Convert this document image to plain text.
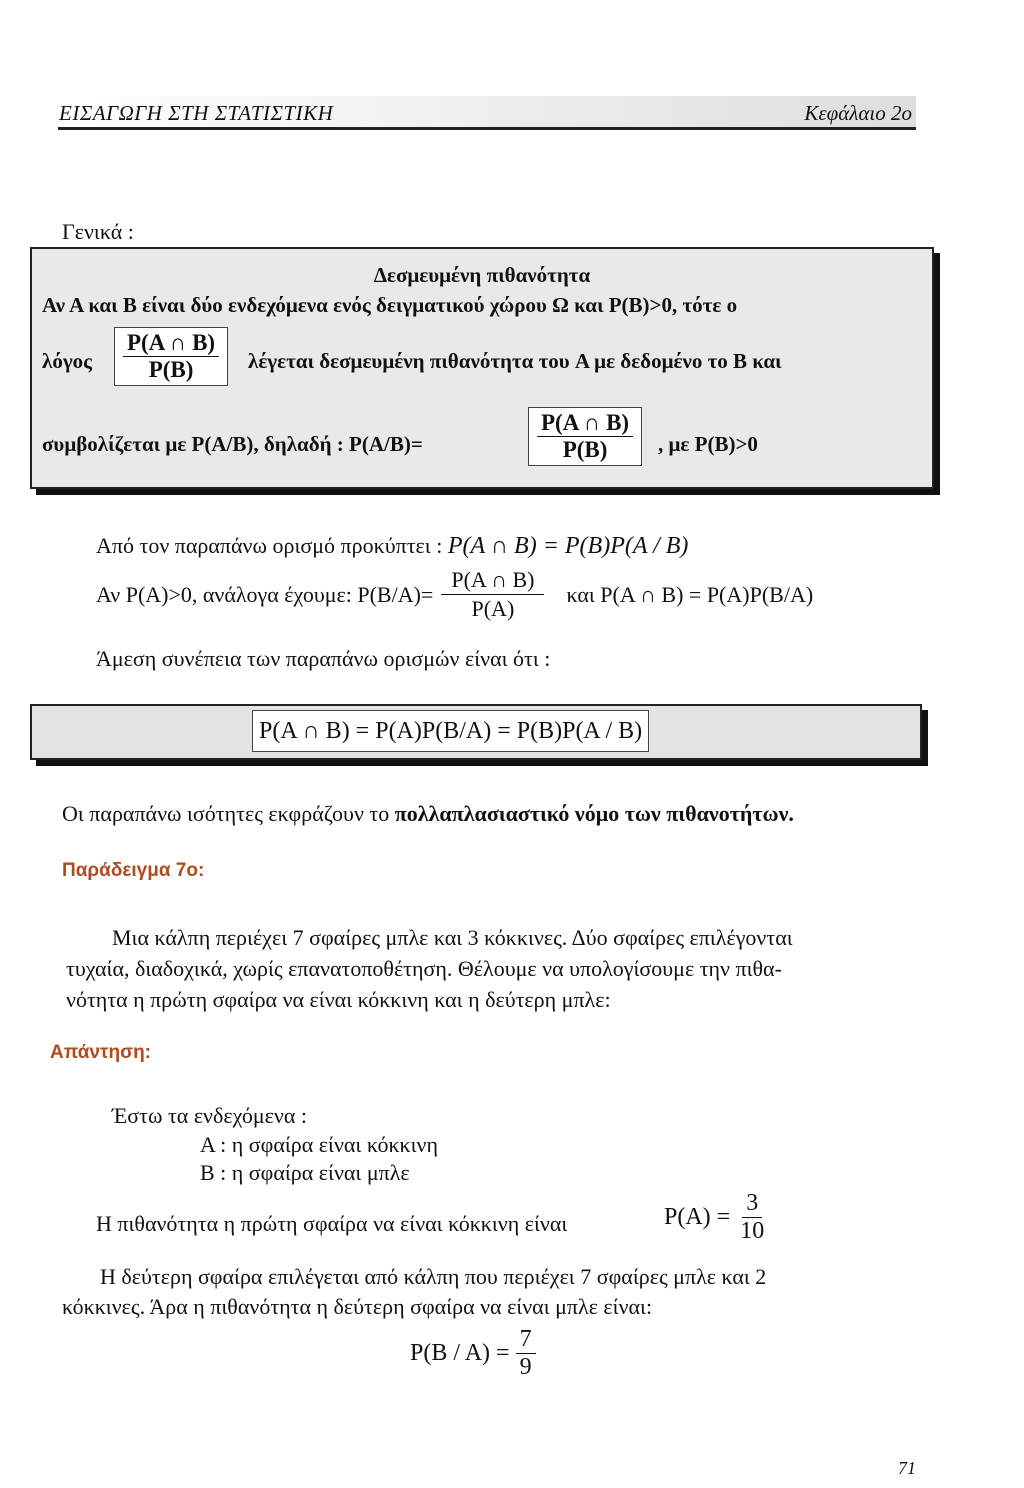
ΕΙΣΑΓΩΓΗ ΣΤΗ ΣΤΑΤΙΣΤΙΚΗ	Κεφάλαιο 2ο
Γενικά :
Δεσμευμένη πιθανότητα
Αν Α και Β είναι δύο ενδεχόμενα ενός δειγματικού χώρου Ω και P(B)>0, τότε ο
λόγος $\frac{P(A \cap B)}{P(B)}$ λέγεται δεσμευμένη πιθανότητα του A με δεδομένο το B και
συμβολίζεται με P(A/B), δηλαδή : P(A/B)=	$\frac{P(A \cap B)}{P(B)}$ , με P(B)>0
Από τον παραπάνω ορισμό προκύπτει : P(A ∩ B) = P(B)P(A / B)
Αν P(A)>0, ανάλογα έχουμε: $P(B/A)= \frac{P(A \cap B)}{P(A)}$ και P(A ∩ B) = P(A)P(B/A)
Άμεση συνέπεια των παραπάνω ορισμών είναι ότι :
P(A ∩ B) = P(A)P(B/A) = P(B)P(A / B)
Οι παραπάνω ισότητες εκφράζουν το πολλαπλασιαστικό νόμο των πιθανοτήτων.
Παράδειγμα 7ο:
Μια κάλπη περιέχει 7 σφαίρες μπλε και 3 κόκκινες. Δύο σφαίρες επιλέγονται
τυχαία, διαδοχικά, χωρίς επανατοποθέτηση. Θέλουμε να υπολογίσουμε την πιθα-
νότητα η πρώτη σφαίρα να είναι κόκκινη και η δεύτερη μπλε:
Απάντηση:
Έστω τα ενδεχόμενα :
A : η σφαίρα είναι κόκκινη
B : η σφαίρα είναι μπλε
Η πιθανότητα η πρώτη σφαίρα να είναι κόκκινη είναι	$P(A) = \frac{3}{10}$
Η δεύτερη σφαίρα επιλέγεται από κάλπη που περιέχει 7 σφαίρες μπλε και 2
κόκκινες. Άρα η πιθανότητα η δεύτερη σφαίρα να είναι μπλε είναι:
$P(B / A) = \frac{7}{9}$
71
